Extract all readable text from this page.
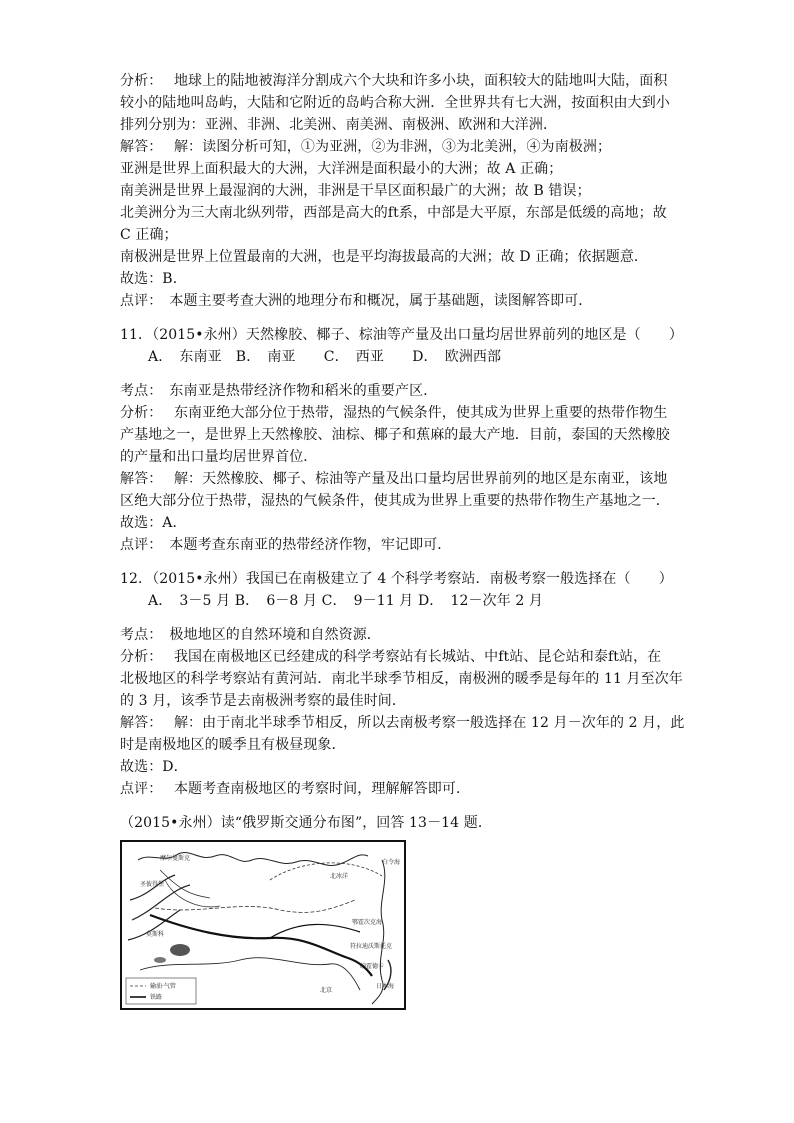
分析：　 地球上的陆地被海洋分割成六个大块和许多小块，面积较大的陆地叫大陆，面积
较小的陆地叫岛屿，大陆和它附近的岛屿合称大洲．全世界共有七大洲，按面积由大到小
排列分别为：亚洲、非洲、北美洲、南美洲、南极洲、欧洲和大洋洲．
解答：　 解：读图分析可知，①为亚洲，②为非洲，③为北美洲，④为南极洲；
亚洲是世界上面积最大的大洲，大洋洲是面积最小的大洲；故 A 正确；
南美洲是世界上最湿润的大洲，非洲是干旱区面积最广的大洲；故 B 错误；
北美洲分为三大南北纵列带，西部是高大的ft系，中部是大平原，东部是低缓的高地；故
C 正确；
南极洲是世界上位置最南的大洲，也是平均海拔最高的大洲；故 D 正确；依据题意．
故选：B．
点评：　本题主要考查大洲的地理分布和概况，属于基础题，读图解答即可．
11．（2015•永州）天然橡胶、椰子、棕油等产量及出口量均居世界前列的地区是（　　）
A．　东南亚　B．　南亚　　C．　西亚　　D．　欧洲西部
考点：　东南亚是热带经济作物和稻米的重要产区．
分析：　 东南亚绝大部分位于热带，湿热的气候条件，使其成为世界上重要的热带作物生
产基地之一，是世界上天然橡胶、油棕、椰子和蕉麻的最大产地．目前，泰国的天然橡胶
的产量和出口量均居世界首位．
解答：　 解：天然橡胶、椰子、棕油等产量及出口量均居世界前列的地区是东南亚，该地
区绝大部分位于热带，湿热的气候条件，使其成为世界上重要的热带作物生产基地之一．
故选：A．
点评：　本题考查东南亚的热带经济作物，牢记即可．
12．（2015•永州）我国已在南极建立了 4 个科学考察站．南极考察一般选择在（　　）
A．　3－5 月 B．　6－8 月 C．　9－11 月 D．　12－次年 2 月
考点：　极地地区的自然环境和自然资源．
分析：　 我国在南极地区已经建成的科学考察站有长城站、中ft站、昆仑站和泰ft站，在
北极地区的科学考察站有黄河站．南北半球季节相反，南极洲的暖季是每年的 11 月至次年
的 3 月，该季节是去南极洲考察的最佳时间．
解答：　 解：由于南北半球季节相反，所以去南极考察一般选择在 12 月－次年的 2 月，此
时是南极地区的暖季且有极昼现象．
故选：D．
点评：　 本题考查南极地区的考察时间，理解解答即可．
（2015•永州）读“俄罗斯交通分布图”，回答 13－14 题．
摩尔曼斯克
圣彼得堡
莫斯科
北冰洋
白令海
鄂霍次克海
符拉迪沃斯托克
纳霍德卡
日本海
北京
输油·气管
铁路
